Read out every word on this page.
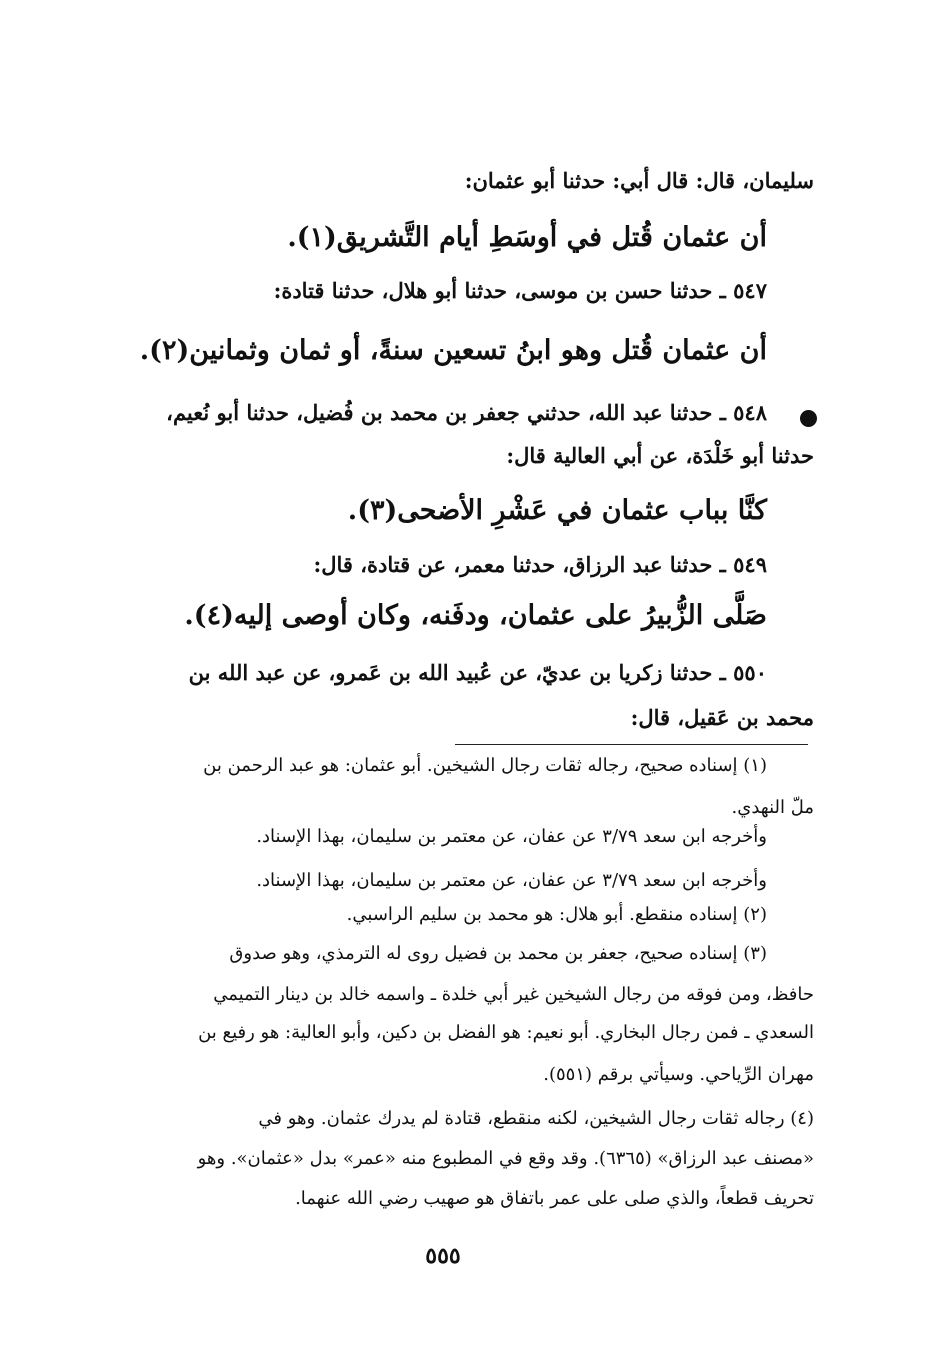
سليمان، قال: قال أبي: حدثنا أبو عثمان:
أن عثمان قُتل في أوسَطِ أيام التَّشريق(١).
٥٤٧ ـ حدثنا حسن بن موسى، حدثنا أبو هلال، حدثنا قتادة:
أن عثمان قُتل وهو ابنُ تسعين سنةً، أو ثمان وثمانين(٢).
٥٤٨ ـ حدثنا عبد الله، حدثني جعفر بن محمد بن فُضيل، حدثنا أبو نُعيم،
حدثنا أبو خَلْدَة، عن أبي العالية قال:
كنَّا بباب عثمان في عَشْرِ الأضحى(٣).
٥٤٩ ـ حدثنا عبد الرزاق، حدثنا معمر، عن قتادة، قال:
صَلَّى الزُّبيرُ على عثمان، ودفَنه، وكان أوصى إليه(٤).
٥٥٠ ـ حدثنا زكريا بن عديّ، عن عُبيد الله بن عَمرو، عن عبد الله بن
محمد بن عَقيل، قال:
(١) إسناده صحيح، رجاله ثقات رجال الشيخين. أبو عثمان: هو عبد الرحمن بن
ملّ النهدي.
وأخرجه ابن سعد ٣/٧٩ عن عفان، عن معتمر بن سليمان، بهذا الإسناد.
وأخرجه ابن سعد ٣/٧٩ عن عفان، عن معتمر بن سليمان، بهذا الإسناد.
(٢) إسناده منقطع. أبو هلال: هو محمد بن سليم الراسبي.
(٣) إسناده صحيح، جعفر بن محمد بن فضيل روى له الترمذي، وهو صدوق
حافظ، ومن فوقه من رجال الشيخين غير أبي خلدة ـ واسمه خالد بن دينار التميمي
السعدي ـ فمن رجال البخاري. أبو نعيم: هو الفضل بن دكين، وأبو العالية: هو رفيع بن
مهران الرِّياحي. وسيأتي برقم (٥٥١).
(٤) رجاله ثقات رجال الشيخين، لكنه منقطع، قتادة لم يدرك عثمان. وهو في
«مصنف عبد الرزاق» (٦٣٦٥). وقد وقع في المطبوع منه «عمر» بدل «عثمان». وهو
تحريف قطعاً، والذي صلى على عمر باتفاق هو صهيب رضي الله عنهما.
٥٥٥
